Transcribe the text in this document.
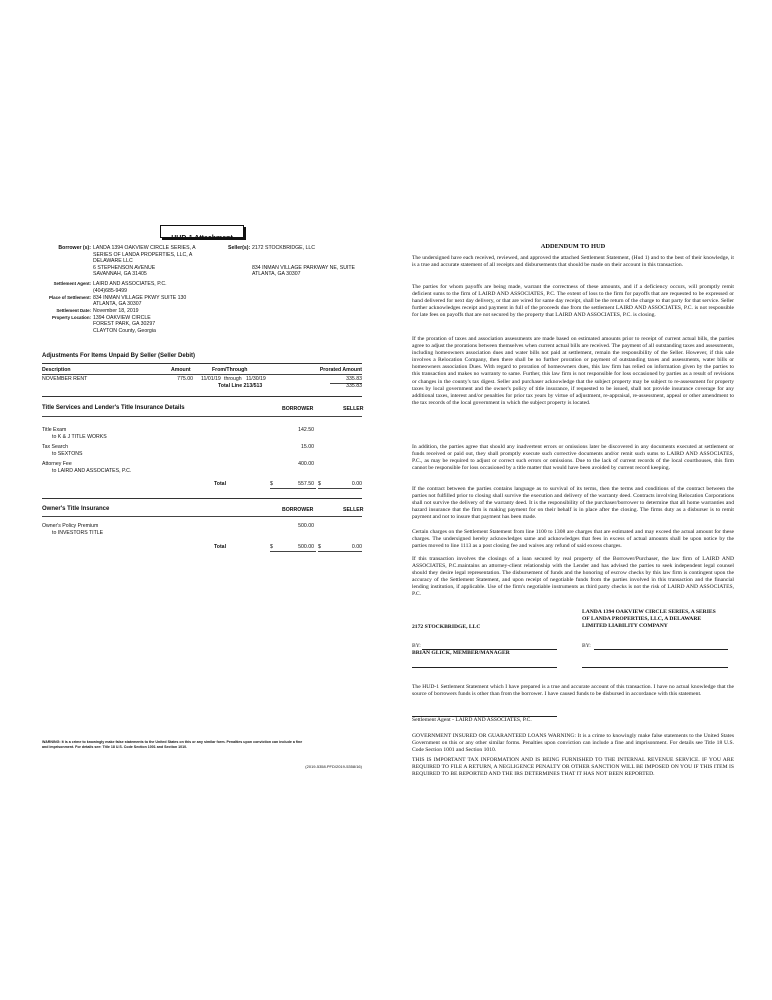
HUD-1 Attachment
Borrower (s): LANDA 1394 OAKVIEW CIRCLE SERIES, A
SERIES OF LANDA PROPERTIES, LLC, A
DELAWARE LLC
6 STEPHENSON AVENUE
SAVANNAH, GA 31405
Seller(s): 2172 STOCKBRIDGE, LLC
834 INMAN VILLAGE PARKWAY NE, SUITE
ATLANTA, GA 30307
Settlement Agent: LAIRD AND ASSOCIATES, P.C.
(404)685-9499
Place of Settlement: 834 INMAN VILLAGE PKWY SUITE 130
ATLANTA, GA 30307
Settlement Date: November 18, 2019
Property Location: 1394 OAKVIEW CIRCLE
FOREST PARK, GA 30297
CLAYTON County, Georgia
Adjustments For Items Unpaid By Seller (Seller Debit)
Description	Amount	From/Through	Prorated Amount
NOVEMBER RENT	775.00 11/01/19 through 11/30/19	335.83
Total Line 213/513	335.83
Title Services and Lender's Title Insurance Details	BORROWER	SELLER
Title Exam
to K & J TITLE WORKS
142.50
Tax Search
to SEXTONS
15.00
Attorney Fee
to LAIRD AND ASSOCIATES, P.C.
400.00
Total	$	557.50 $	0.00
Owner's Title Insurance	BORROWER	SELLER
Owner's Policy Premium
to INVESTORS TITLE
500.00
Total	$	500.00 $	0.00
WARNING: It is a crime to knowingly make false statements to the United States on this or any similar form. Penalties upon conviction can include a fine
and imprisonment. For details see: Title 18 U.S. Code Section 1001 and Section 1010.
(2019-5358.PFD/2019-5358/16)
ADDENDUM TO HUD

The undersigned have each received, reviewed, and approved the attached Settlement Statement, (Hud 1) and to the best of their knowledge, it is a true and accurate statement of all receipts and disbursements that should be made on their account in this transaction.

The parties for whom payoffs are being made, warrant the correctness of these amounts, and if a deficiency occurs, will promptly remit deficient sums to the firm of LAIRD AND ASSOCIATES, P.C. The extent of loss to the firm for payoffs that are requested to be expressed or hand delivered for next day delivery, or that are wired for same day receipt, shall be the return of the charge to that party for that service. Seller further acknowledges receipt and payment in full of the proceeds due from the settlement LAIRD AND ASSOCIATES, P.C. is not responsible for late fees on payoffs that are not secured by the property that LAIRD AND ASSOCIATES, P.C. is closing.

If the proration of taxes and association assessments are made based on estimated amounts prior to receipt of current actual bills, the parties agree to adjust the prorations between themselves when current actual bills are received. The payment of all outstanding taxes and assessments, including homeowners association dues and water bills not paid at settlement, remain the responsibility of the Seller. However, if this sale involves a Relocation Company, then there shall be no further proration or payment of outstanding taxes and assessments, water bills or homeowners association Dues. With regard to proration of homeowners dues, this law firm has relied on information given by the parties to this transaction and makes no warranty to same. Further, this law firm is not responsible for loss occasioned by parties as a result of revisions or changes in the county's tax digest. Seller and purchaser acknowledge that the subject property may be subject to re-assessment for property taxes by local government and the owner's policy of title insurance, if requested to be issued, shall not provide insurance coverage for any additional taxes, interest and/or penalties for prior tax years by virtue of adjustment, re-appraisal, re-assessment, appeal or other amendment to the tax records of the local government in which the subject property is located.

In addition, the parties agree that should any inadvertent errors or omissions later be discovered in any documents executed at settlement or funds received or paid out, they shall promptly execute such corrective documents and/or remit such sums to LAIRD AND ASSOCIATES, P.C., as may be required to adjust or correct such errors or omissions. Due to the lack of current records of the local courthouses, this firm cannot be responsible for loss occasioned by a title matter that would have been avoided by current record keeping.

If the contract between the parties contains language as to survival of its terms, then the terms and conditions of the contract between the parties not fulfilled prior to closing shall survive the execution and delivery of the warranty deed. Contracts involving Relocation Corporations shall not survive the delivery of the warranty deed. It is the responsibility of the purchaser/borrower to determine that all home warranties and hazard insurance that the firm is making payment for on their behalf is in place after the closing. The firms duty as a disburser is to remit payment and not to insure that payment has been made.

Certain charges on the Settlement Statement from line 1100 to 1308 are charges that are estimated and may exceed the actual amount for these charges. The undersigned hereby acknowledges same and acknowledges that fees in excess of actual amounts shall be upon notice by the parties moved to line 1113 as a post closing fee and waives any refund of said excess charges.

If this transaction involves the closings of a loan secured by real property of the Borrower/Purchaser, the law firm of LAIRD AND ASSOCIATES, P.C.maintains an attorney-client relationship with the Lender and has advised the parties to seek independent legal counsel should they desire legal representation. The disbursement of funds and the honoring of escrow checks by this law firm is contingent upon the accuracy of the Settlement Statement, and upon receipt of negotiable funds from the parties involved in this transaction and the financial lending institution, if applicable. Use of the firm's negotiable instruments as third party checks is not the risk of LAIRD AND ASSOCIATES, P.C.

2172 STOCKBRIDGE, LLC
LANDA 1394 OAKVIEW CIRCLE SERIES, A SERIES
OF LANDA PROPERTIES, LLC, A DELAWARE
LIMITED LIABILITY COMPANY
BY:
BRIAN GLICK, MEMBER/MANAGER
BY:

The HUD-1 Settlement Statement which I have prepared is a true and accurate account of this transaction. I have no actual knowledge that the source of borrowers funds is other than from the borrower. I have caused funds to be disbursed in accordance with this statement.

Settlement Agent - LAIRD AND ASSOCIATES, P.C.

GOVERNMENT INSURED OR GUARANTEED LOANS WARNING: It is a crime to knowingly make false statements to the United States Government on this or any other similar forms. Penalties upon conviction can include a fine and imprisonment. For details see Title 18 U.S. Code Section 1001 and Section 1010.

THIS IS IMPORTANT TAX INFORMATION AND IS BEING FURNISHED TO THE INTERNAL REVENUE SERVICE. IF YOU ARE REQUIRED TO FILE A RETURN, A NEGLIGENCE PENALTY OR OTHER SANCTION WILL BE IMPOSED ON YOU IF THIS ITEM IS REQUIRED TO BE REPORTED AND THE IRS DETERMINES THAT IT HAS NOT BEEN REPORTED.
